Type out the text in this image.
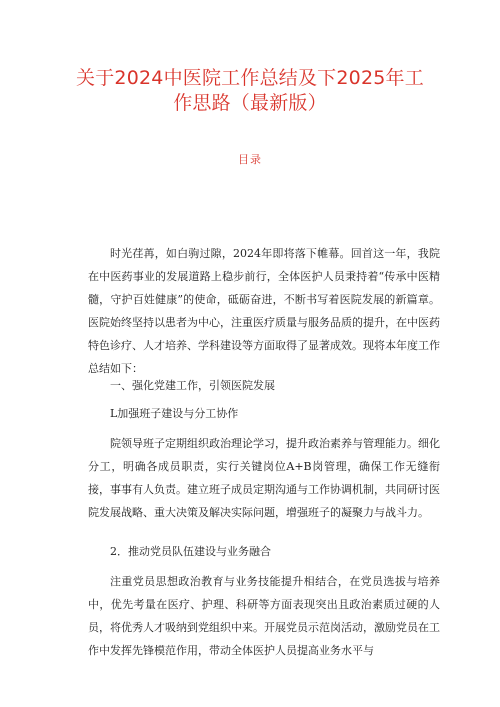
关于2024中医院工作总结及下2025年工
作思路（最新版）
目录

时光荏苒，如白驹过隙，2024年即将落下帷幕。回首这一年，我院在中医药事业的发展道路上稳步前行，全体医护人员秉持着“传承中医精髓，守护百姓健康”的使命，砥砺奋进，不断书写着医院发展的新篇章。医院始终坚持以患者为中心，注重医疗质量与服务品质的提升，在中医药特色诊疗、人才培养、学科建设等方面取得了显著成效。现将本年度工作总结如下：

一、强化党建工作，引领医院发展
L加强班子建设与分工协作

院领导班子定期组织政治理论学习，提升政治素养与管理能力。细化分工，明确各成员职责，实行关键岗位A+B岗管理，确保工作无缝衔接，事事有人负责。建立班子成员定期沟通与工作协调机制，共同研讨医院发展战略、重大决策及解决实际问题，增强班子的凝聚力与战斗力。

2．推动党员队伍建设与业务融合

注重党员思想政治教育与业务技能提升相结合，在党员选拔与培养中，优先考量在医疗、护理、科研等方面表现突出且政治素质过硬的人员，将优秀人才吸纳到党组织中来。开展党员示范岗活动，激励党员在工作中发挥先锋模范作用，带动全体医护人员提高业务水平与
